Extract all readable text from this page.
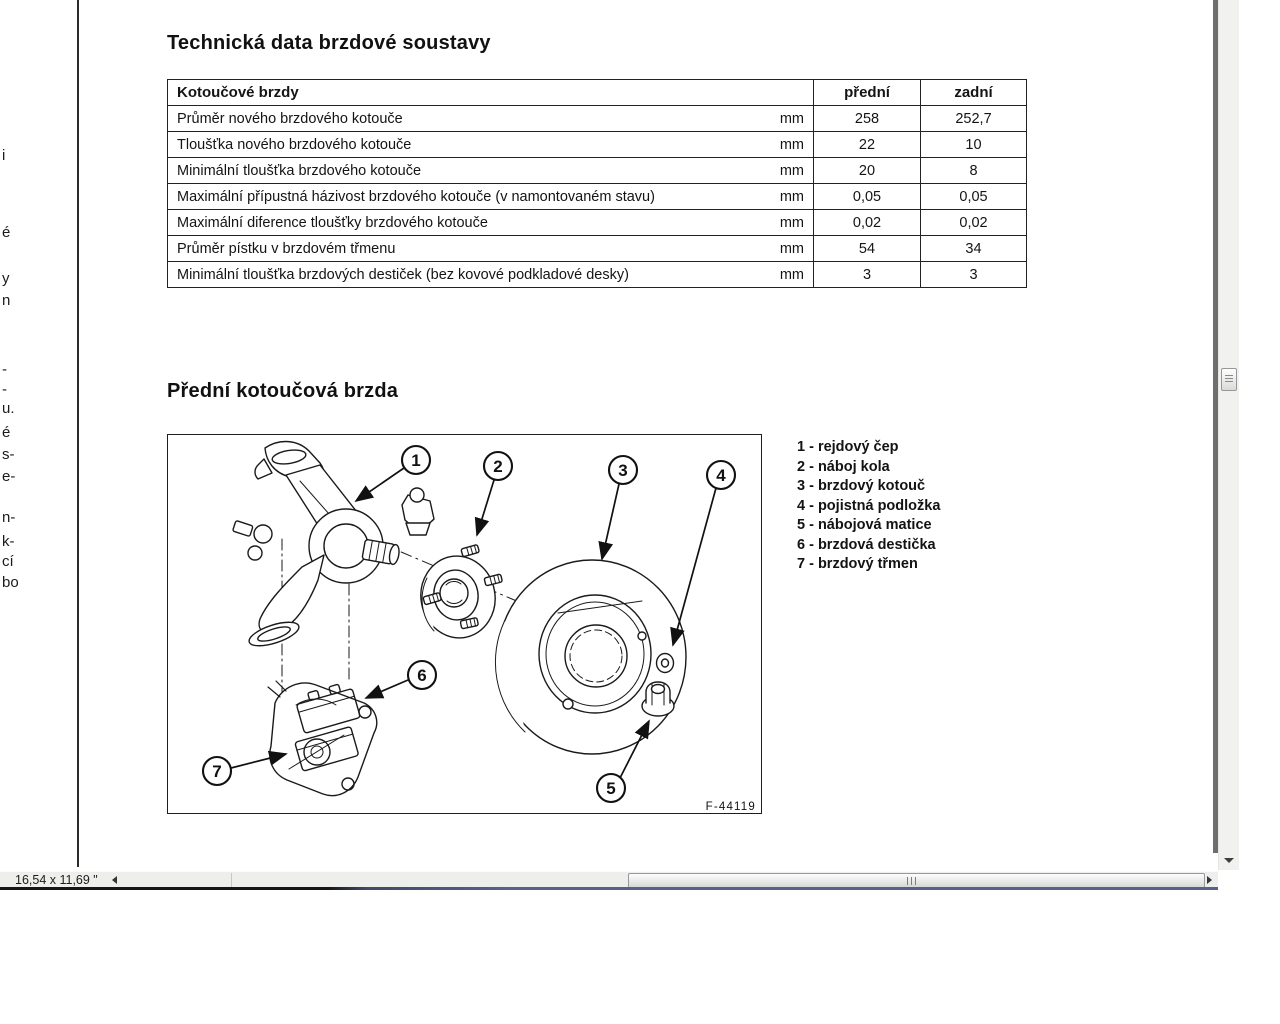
i
é
y
n
-
-
u.
é
s-
e-
n-
k-
cí
bo
Technická data brzdové soustavy
Kotoučové brzdy	přední	zadní
Průměr nového brzdového kotouče mm	258	252,7
Tloušťka nového brzdového kotouče mm	22	10
Minimální tloušťka brzdového kotouče mm	20	8
Maximální přípustná házivost brzdového kotouče (v namontovaném stavu) mm	0,05	0,05
Maximální diference tloušťky brzdového kotouče mm	0,02	0,02
Průměr pístku v brzdovém třmenu mm	54	34
Minimální tloušťka brzdových destiček (bez kovové podkladové desky) mm	3	3
Přední kotoučová brzda
1	2	3	4
5
6
7
F-44119
1 - rejdový čep
2 - náboj kola
3 - brzdový kotouč
4 - pojistná podložka
5 - nábojová matice
6 - brzdová destička
7 - brzdový třmen
16,54 x 11,69 "
